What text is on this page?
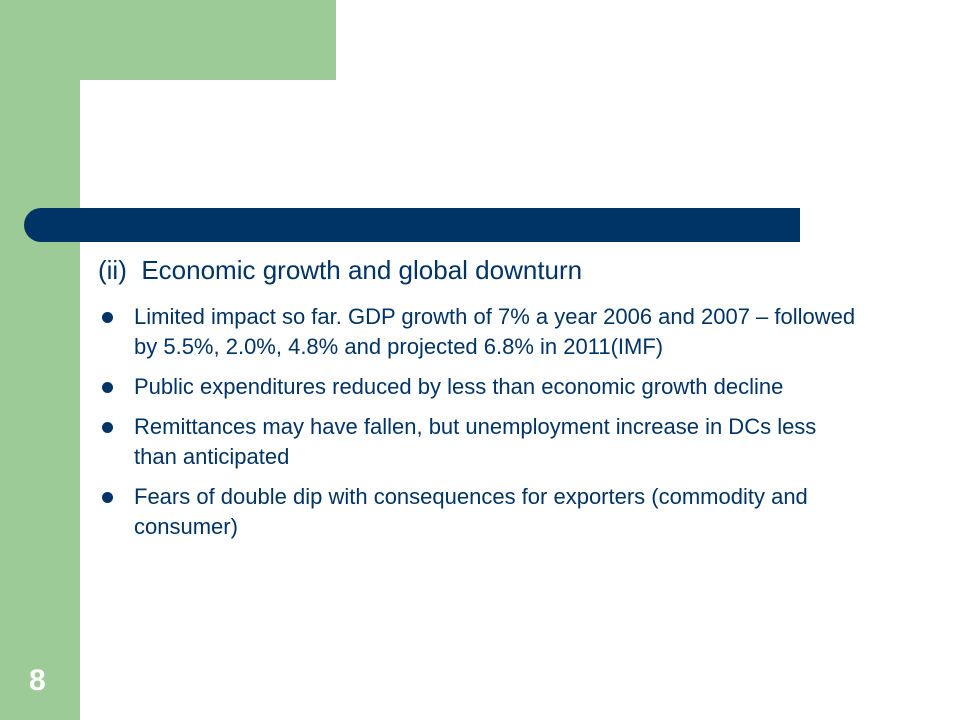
(ii)  Economic growth and global downturn
Limited impact so far. GDP growth of 7% a year 2006 and 2007 – followed by 5.5%, 2.0%, 4.8% and projected 6.8% in 2011(IMF)
Public expenditures reduced by less than economic growth decline
Remittances may have fallen, but unemployment increase in DCs less than anticipated
Fears of double dip with consequences for exporters (commodity and consumer)
8
